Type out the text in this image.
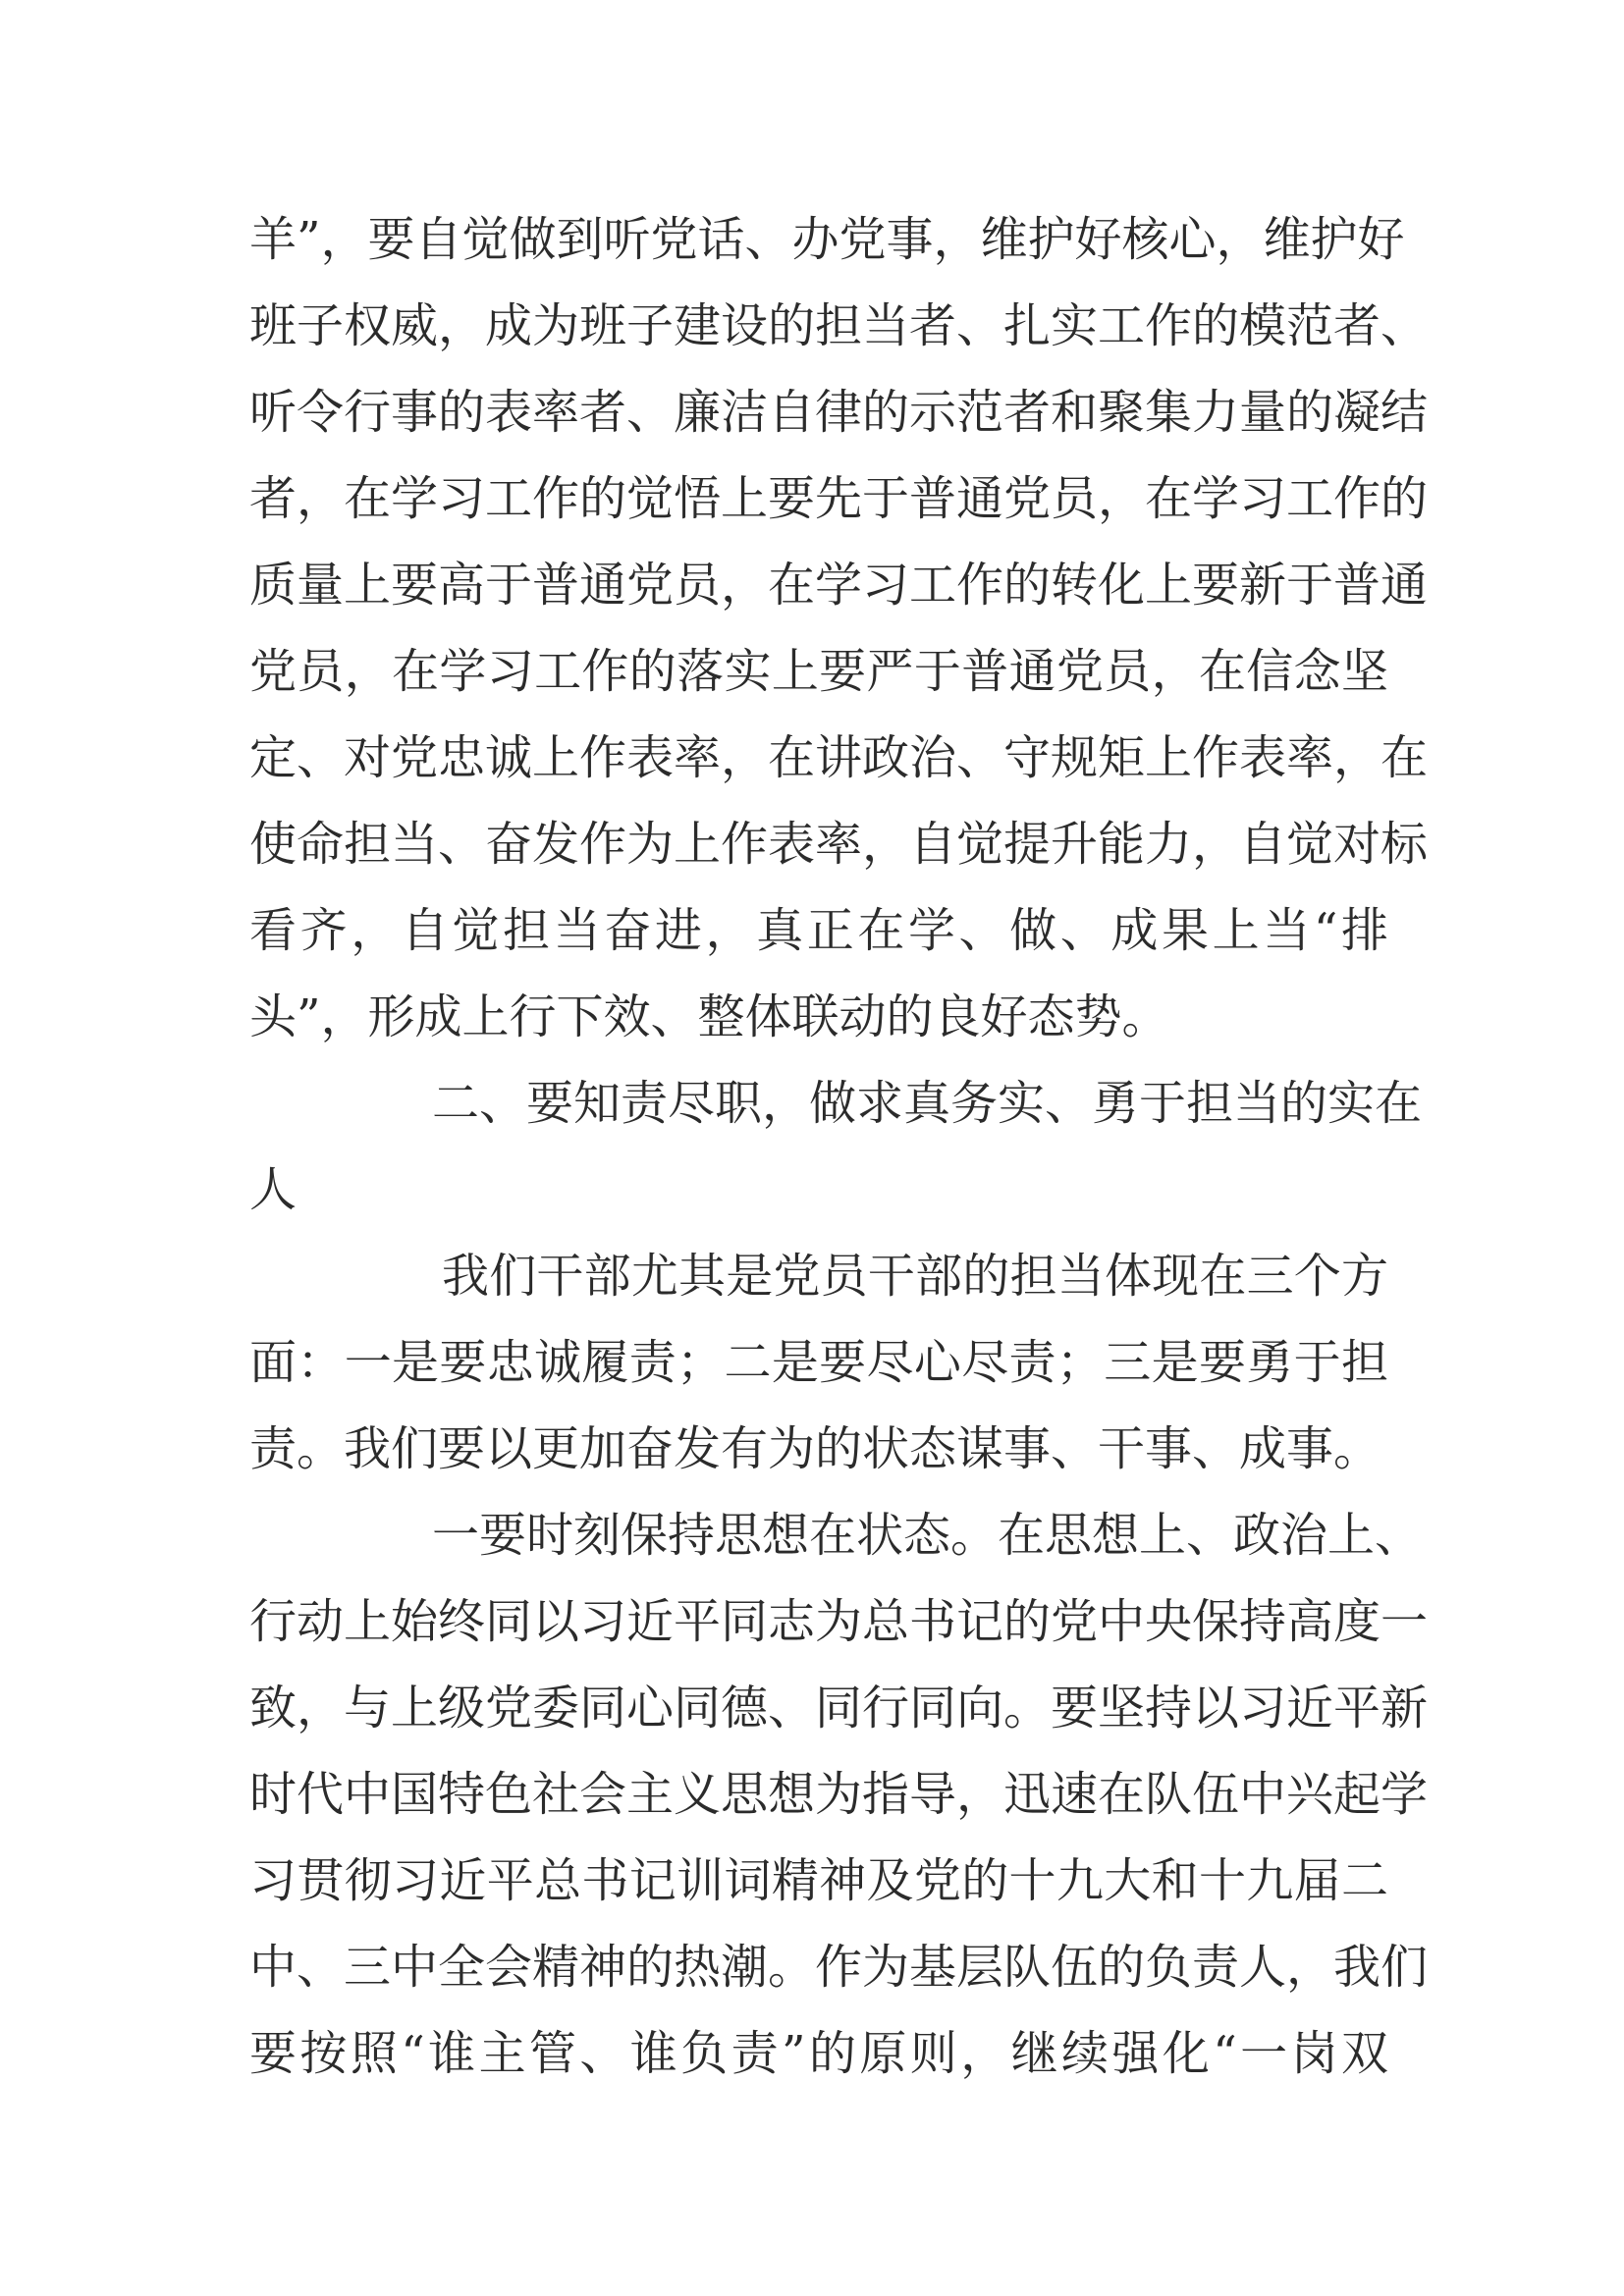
羊”，要自觉做到听党话、办党事，维护好核心，维护好

班子权威，成为班子建设的担当者、扎实工作的模范者、

听令行事的表率者、廉洁自律的示范者和聚集力量的凝结

者，在学习工作的觉悟上要先于普通党员，在学习工作的

质量上要高于普通党员，在学习工作的转化上要新于普通

党员，在学习工作的落实上要严于普通党员，在信念坚

定、对党忠诚上作表率，在讲政治、守规矩上作表率，在

使命担当、奋发作为上作表率，自觉提升能力，自觉对标

看齐，自觉担当奋进，真正在学、做、成果上当“排

头”，形成上行下效、整体联动的良好态势。

二、要知责尽职，做求真务实、勇于担当的实在

人

我们干部尤其是党员干部的担当体现在三个方

面：一是要忠诚履责；二是要尽心尽责；三是要勇于担

责。我们要以更加奋发有为的状态谋事、干事、成事。

一要时刻保持思想在状态。在思想上、政治上、

行动上始终同以习近平同志为总书记的党中央保持高度一

致，与上级党委同心同德、同行同向。要坚持以习近平新

时代中国特色社会主义思想为指导，迅速在队伍中兴起学

习贯彻习近平总书记训词精神及党的十九大和十九届二

中、三中全会精神的热潮。作为基层队伍的负责人，我们

要按照“谁主管、谁负责”的原则，继续强化“一岗双
